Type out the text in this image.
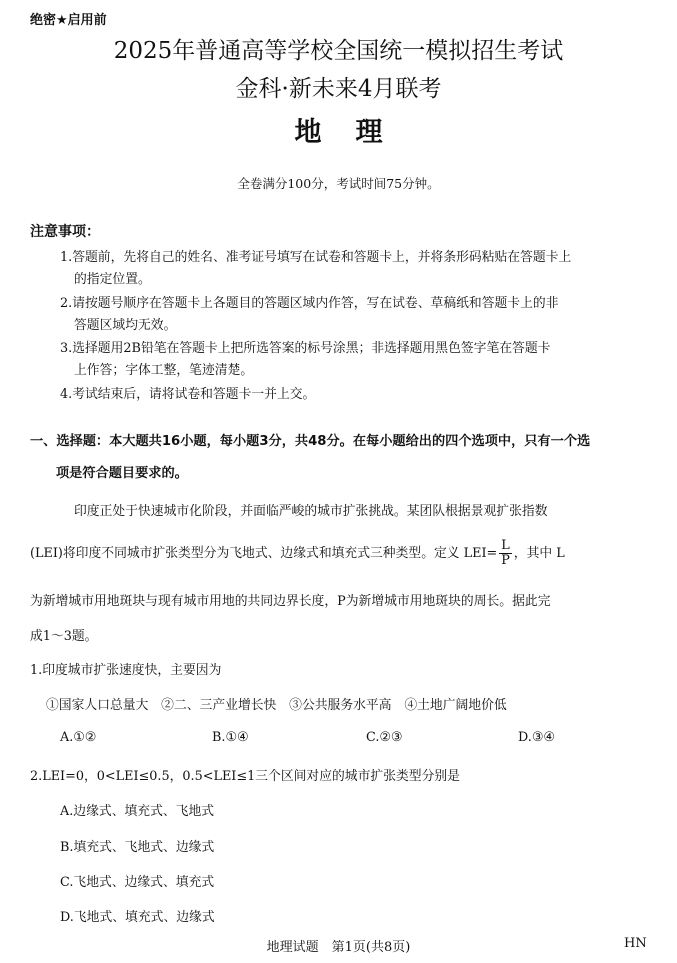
绝密★启用前
2025年普通高等学校全国统一模拟招生考试
金科·新未来4月联考
地理
全卷满分100分，考试时间75分钟。
注意事项：
1.答题前，先将自己的姓名、准考证号填写在试卷和答题卡上，并将条形码粘贴在答题卡上
的指定位置。
2.请按题号顺序在答题卡上各题目的答题区域内作答，写在试卷、草稿纸和答题卡上的非
答题区域均无效。
3.选择题用2B铅笔在答题卡上把所选答案的标号涂黑；非选择题用黑色签字笔在答题卡
上作答；字体工整，笔迹清楚。
4.考试结束后，请将试卷和答题卡一并上交。
一、选择题：本大题共16小题，每小题3分，共48分。在每小题给出的四个选项中，只有一个选
项是符合题目要求的。
印度正处于快速城市化阶段，并面临严峻的城市扩张挑战。某团队根据景观扩张指数
(LEI)将印度不同城市扩张类型分为飞地式、边缘式和填充式三种类型。定义 $LEI= \frac{L}{P}$ ，其中 L
为新增城市用地斑块与现有城市用地的共同边界长度，P为新增城市用地斑块的周长。据此完
成1～3题。
1.印度城市扩张速度快，主要因为
①国家人口总量大　②二、三产业增长快　③公共服务水平高　④土地广阔地价低
A.①②	B.①④	C.②③	D.③④
2.LEI=0，0<LEI≤0.5，0.5<LEI≤1三个区间对应的城市扩张类型分别是
A.边缘式、填充式、飞地式
B.填充式、飞地式、边缘式
C.飞地式、边缘式、填充式
D.飞地式、填充式、边缘式
地理试题　第1页(共8页)	HN
